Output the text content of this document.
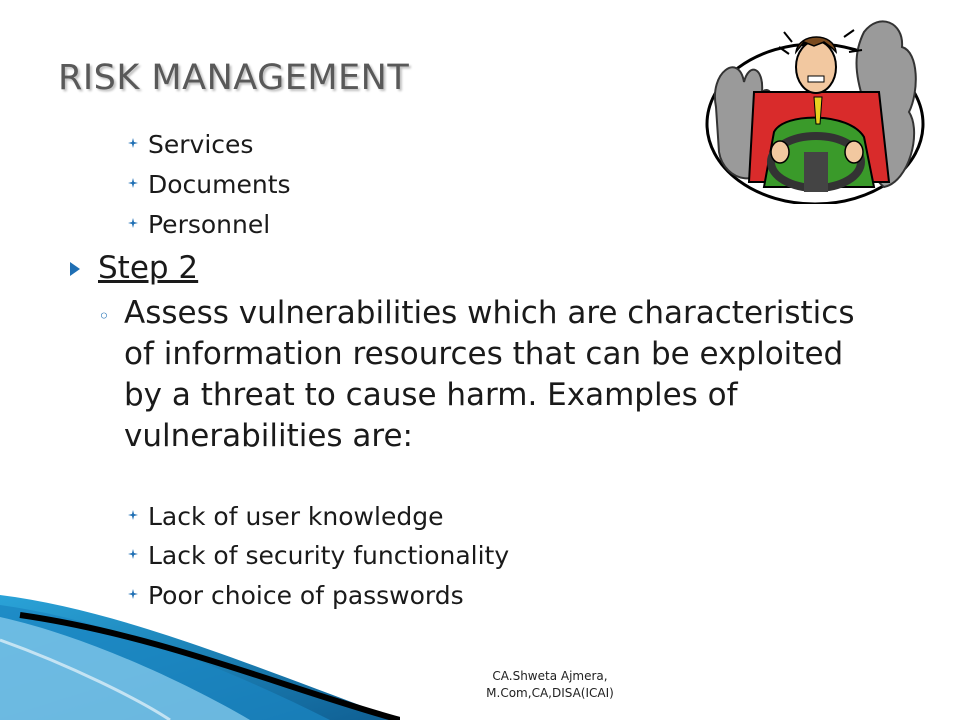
RISK MANAGEMENT
Services
Documents
Personnel
Step 2
◦ Assess vulnerabilities which are characteristics of information resources that can be exploited by a threat to cause harm. Examples of vulnerabilities are:
Lack of user knowledge
Lack of security functionality
Poor choice of passwords
CA.Shweta Ajmera,
M.Com,CA,DISA(ICAI)
